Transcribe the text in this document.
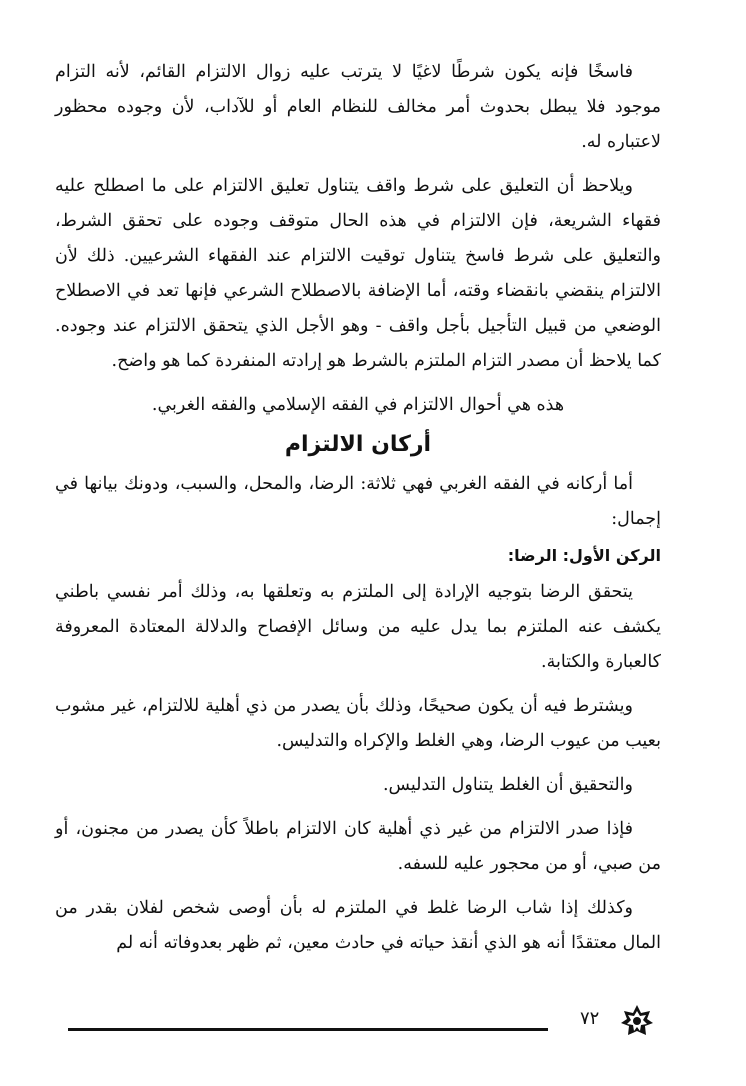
فاسخًا فإنه يكون شرطًا لاغيًا لا يترتب عليه زوال الالتزام القائم، لأنه التزام موجود فلا يبطل بحدوث أمر مخالف للنظام العام أو للآداب، لأن وجوده محظور لاعتباره له.

ويلاحظ أن التعليق على شرط واقف يتناول تعليق الالتزام على ما اصطلح عليه فقهاء الشريعة، فإن الالتزام في هذه الحال متوقف وجوده على تحقق الشرط، والتعليق على شرط فاسخ يتناول توقيت الالتزام عند الفقهاء الشرعيين. ذلك لأن الالتزام ينقضي بانقضاء وقته، أما الإضافة بالاصطلاح الشرعي فإنها تعد في الاصطلاح الوضعي من قبيل التأجيل بأجل واقف - وهو الأجل الذي يتحقق الالتزام عند وجوده. كما يلاحظ أن مصدر التزام الملتزم بالشرط هو إرادته المنفردة كما هو واضح.

هذه هي أحوال الالتزام في الفقه الإسلامي والفقه الغربي.

أركان الالتزام

أما أركانه في الفقه الغربي فهي ثلاثة: الرضا، والمحل، والسبب، ودونك بيانها في إجمال:

الركن الأول: الرضا:

يتحقق الرضا بتوجيه الإرادة إلى الملتزم به وتعلقها به، وذلك أمر نفسي باطني يكشف عنه الملتزم بما يدل عليه من وسائل الإفصاح والدلالة المعتادة المعروفة كالعبارة والكتابة.

ويشترط فيه أن يكون صحيحًا، وذلك بأن يصدر من ذي أهلية للالتزام، غير مشوب بعيب من عيوب الرضا، وهي الغلط والإكراه والتدليس.

والتحقيق أن الغلط يتناول التدليس.

فإذا صدر الالتزام من غير ذي أهلية كان الالتزام باطلاً كأن يصدر من مجنون، أو من صبي، أو من محجور عليه للسفه.

وكذلك إذا شاب الرضا غلط في الملتزم له بأن أوصى شخص لفلان بقدر من المال معتقدًا أنه هو الذي أنقذ حياته في حادث معين، ثم ظهر بعدوفاته أنه لم

٧٢
